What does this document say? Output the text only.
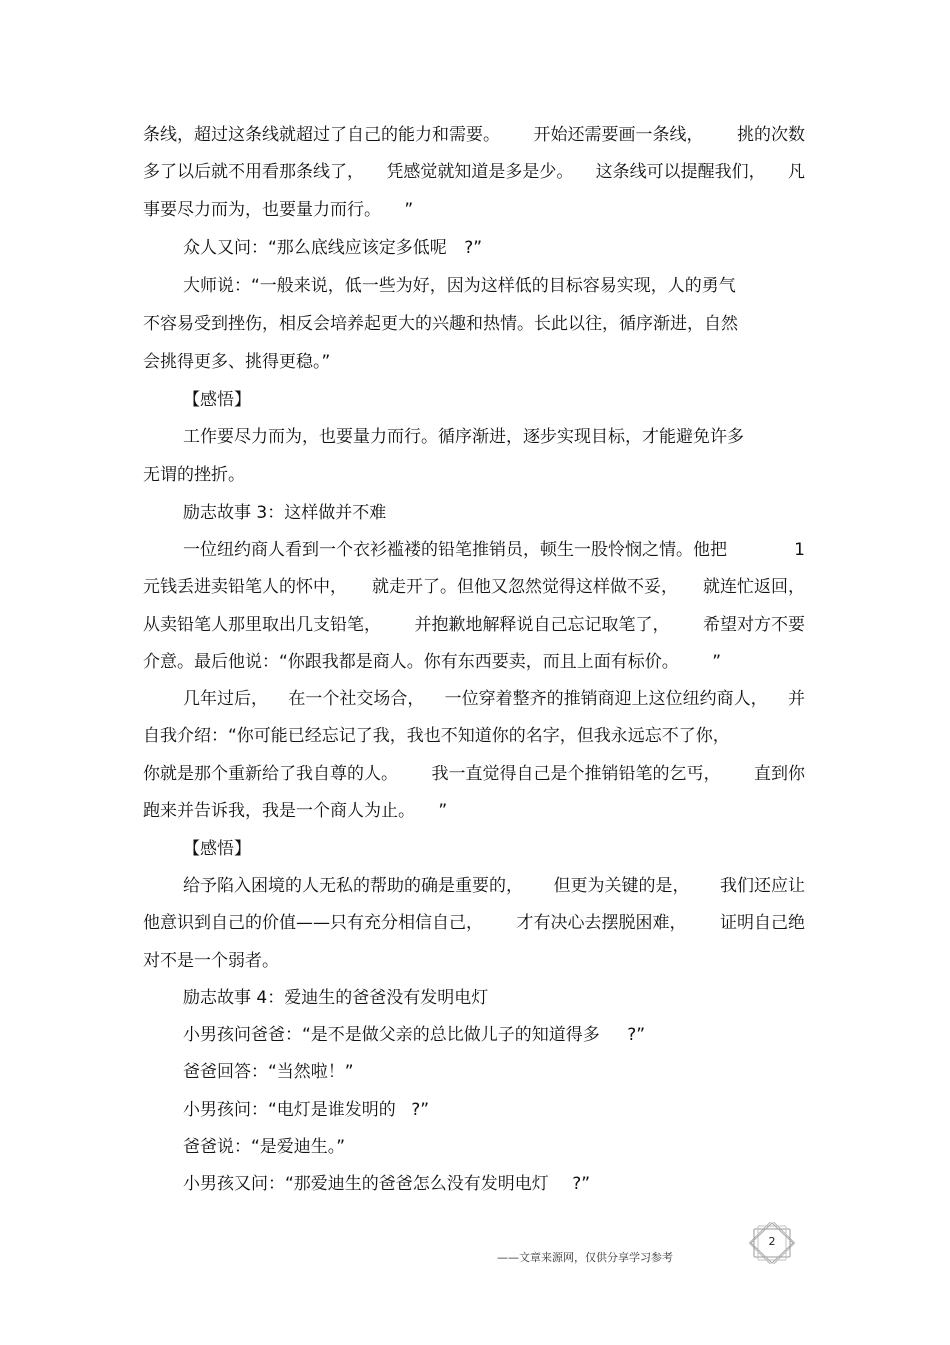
条线，超过这条线就超过了自己的能力和需要。 开始还需要画一条线， 挑的次数
多了以后就不用看那条线了， 凭感觉就知道是多是少。 这条线可以提醒我们， 凡
事要尽力而为，也要量力而行。 ”
众人又问：“那么底线应该定多低呢 ?”
大师说：“一般来说，低一些为好，因为这样低的目标容易实现，人的勇气
不容易受到挫伤，相反会培养起更大的兴趣和热情。长此以往，循序渐进，自然
会挑得更多、挑得更稳。”
【感悟】
工作要尽力而为，也要量力而行。循序渐进，逐步实现目标，才能避免许多
无谓的挫折。
励志故事 3：这样做并不难
一位纽约商人看到一个衣衫褴褛的铅笔推销员，顿生一股怜悯之情。他把	1
元钱丢进卖铅笔人的怀中， 就走开了。但他又忽然觉得这样做不妥， 就连忙返回，
从卖铅笔人那里取出几支铅笔， 并抱歉地解释说自己忘记取笔了， 希望对方不要
介意。最后他说：“你跟我都是商人。你有东西要卖，而且上面有标价。 ”
几年过后， 在一个社交场合， 一位穿着整齐的推销商迎上这位纽约商人， 并
自我介绍：“你可能已经忘记了我，我也不知道你的名字，但我永远忘不了你，
你就是那个重新给了我自尊的人。 我一直觉得自己是个推销铅笔的乞丐， 直到你
跑来并告诉我，我是一个商人为止。 ”
【感悟】
给予陷入困境的人无私的帮助的确是重要的， 但更为关键的是， 我们还应让
他意识到自己的价值——只有充分相信自己， 才有决心去摆脱困难， 证明自己绝
对不是一个弱者。
励志故事 4：爱迪生的爸爸没有发明电灯
小男孩问爸爸：“是不是做父亲的总比做儿子的知道得多 ?”
爸爸回答：“当然啦！”
小男孩问：“电灯是谁发明的 ?”
爸爸说：“是爱迪生。”
小男孩又问：“那爱迪生的爸爸怎么没有发明电灯 ?”
——文章来源网，仅供分享学习参考
2
